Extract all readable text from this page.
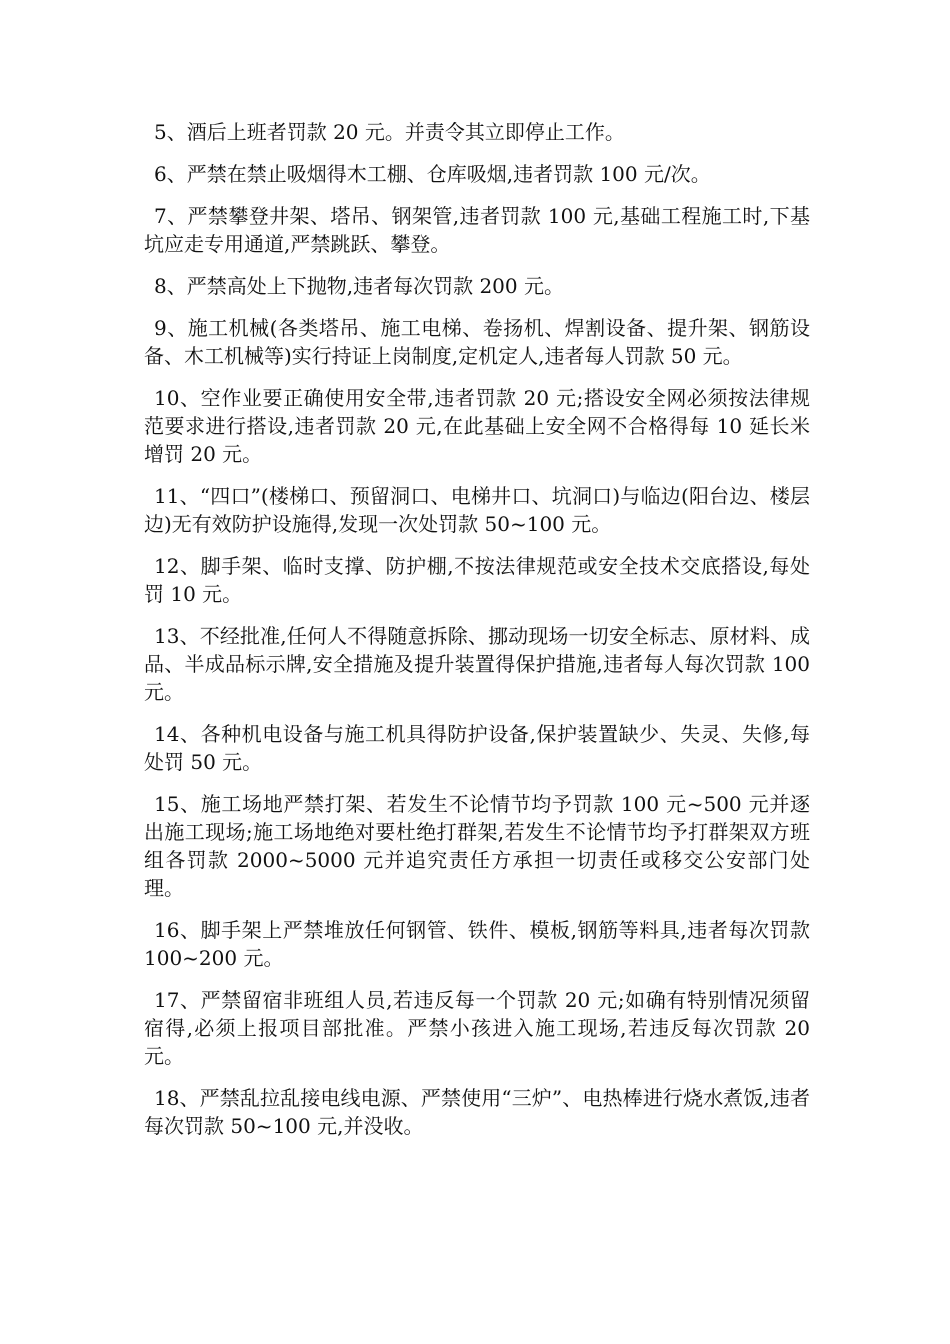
5、酒后上班者罚款 20 元。并责令其立即停止工作。

6、严禁在禁止吸烟得木工棚、仓库吸烟,违者罚款 100 元/次。

7、严禁攀登井架、塔吊、钢架管,违者罚款 100 元,基础工程施工时,下基坑应走专用通道,严禁跳跃、攀登。

8、严禁高处上下抛物,违者每次罚款 200 元。

9、施工机械(各类塔吊、施工电梯、卷扬机、焊割设备、提升架、钢筋设备、木工机械等)实行持证上岗制度,定机定人,违者每人罚款 50 元。

10、空作业要正确使用安全带,违者罚款 20 元;搭设安全网必须按法律规范要求进行搭设,违者罚款 20 元,在此基础上安全网不合格得每 10 延长米增罚 20 元。

11、“四口”(楼梯口、预留洞口、电梯井口、坑洞口)与临边(阳台边、楼层边)无有效防护设施得,发现一次处罚款 50~100 元。

12、脚手架、临时支撑、防护棚,不按法律规范或安全技术交底搭设,每处罚 10 元。

13、不经批准,任何人不得随意拆除、挪动现场一切安全标志、原材料、成品、半成品标示牌,安全措施及提升装置得保护措施,违者每人每次罚款 100 元。

14、各种机电设备与施工机具得防护设备,保护装置缺少、失灵、失修,每处罚 50 元。

15、施工场地严禁打架、若发生不论情节均予罚款 100 元~500 元并逐出施工现场;施工场地绝对要杜绝打群架,若发生不论情节均予打群架双方班组各罚款 2000~5000 元并追究责任方承担一切责任或移交公安部门处理。

16、脚手架上严禁堆放任何钢管、铁件、模板,钢筋等料具,违者每次罚款 100~200 元。

17、严禁留宿非班组人员,若违反每一个罚款 20 元;如确有特别情况须留宿得,必须上报项目部批准。严禁小孩进入施工现场,若违反每次罚款 20 元。

18、严禁乱拉乱接电线电源、严禁使用“三炉”、电热棒进行烧水煮饭,违者每次罚款 50~100 元,并没收。
